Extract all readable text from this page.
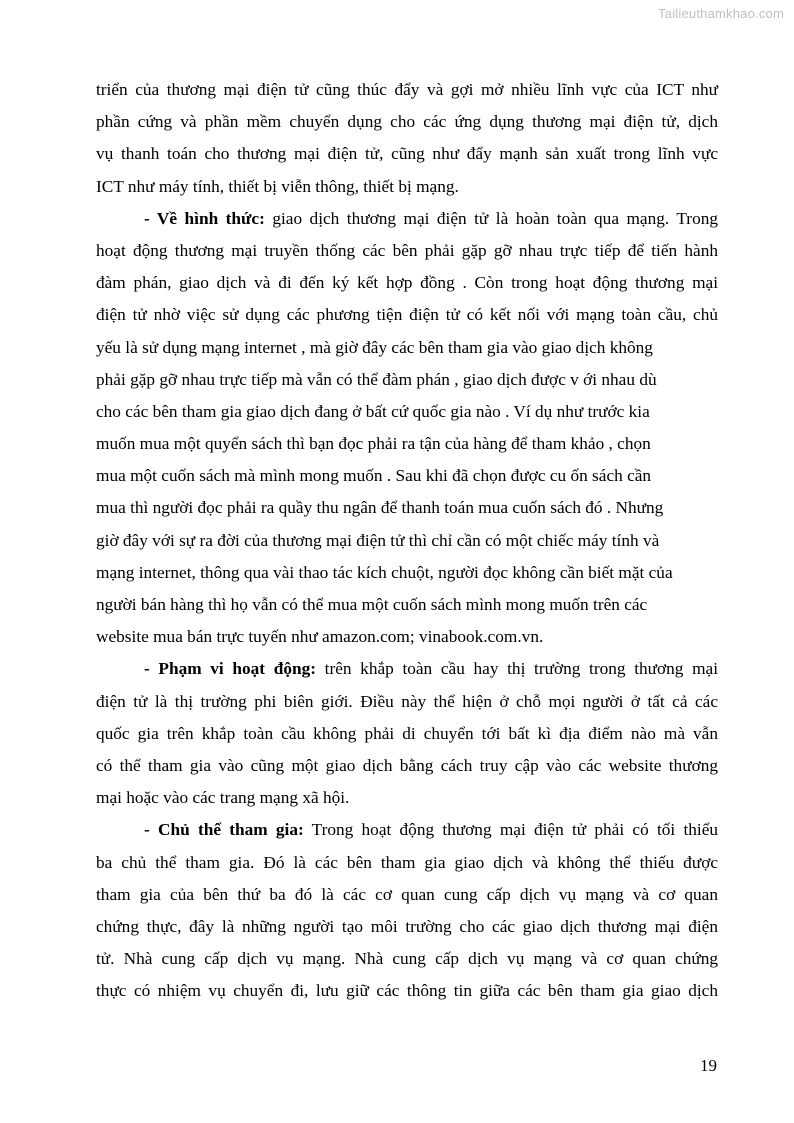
Tailieuthamkhao.com
triển của thương mại điện tử cũng thúc đẩy và gợi mở nhiều lĩnh vực của ICT như
phần cứng và phần mềm chuyển dụng cho các ứng dụng thương mại điện tử, dịch
vụ thanh toán cho thương mại điện tử, cũng như đẩy mạnh sản xuất trong lĩnh vực
ICT như máy tính, thiết bị viễn thông, thiết bị mạng.
- Về hình thức: giao dịch thương mại điện tử là hoàn toàn qua mạng. Trong
hoạt động thương mại truyền thống các bên phải gặp gỡ nhau trực tiếp để tiến hành
đàm phán, giao dịch và đi đến ký kết hợp đồng . Còn trong hoạt động thương mại
điện tử nhờ việc sử dụng các phương tiện điện tử có kết nối với mạng toàn cầu, chủ
yếu là sử dụng mạng internet , mà giờ đây các bên tham gia vào giao dịch không
phải gặp gỡ nhau trực tiếp mà vẫn có thể đàm phán , giao dịch được v ới nhau dù
cho các bên tham gia giao dịch đang ở bất cứ quốc gia nào . Ví dụ như trước kia
muốn mua một quyển sách thì bạn đọc phải ra tận của hàng để tham khảo , chọn
mua một cuốn sách mà mình mong muốn . Sau khi đã chọn được cu ốn sách cần
mua thì người đọc phải ra quầy thu ngân để thanh toán mua cuốn sách đó . Nhưng
giờ đây với sự ra đời của thương mại điện tử thì chỉ cần có một chiếc máy tính và
mạng internet, thông qua vài thao tác kích chuột, người đọc không cần biết mặt của
người bán hàng thì họ vẫn có thể mua một cuốn sách mình mong muốn trên các
website mua bán trực tuyến như amazon.com; vinabook.com.vn.
- Phạm vi hoạt động: trên khắp toàn cầu hay thị trường trong thương mại
điện tử là thị trường phi biên giới. Điều này thể hiện ở chỗ mọi người ở tất cả các
quốc gia trên khắp toàn cầu không phải di chuyển tới bất kì địa điểm nào mà vẫn
có thể tham gia vào cũng một giao dịch bằng cách truy cập vào các website thương
mại hoặc vào các trang mạng xã hội.
- Chủ thể tham gia: Trong hoạt động thương mại điện tử phải có tối thiểu
ba chủ thể tham gia. Đó là các bên tham gia giao dịch và không thể thiếu được
tham gia của bên thứ ba đó là các cơ quan cung cấp dịch vụ mạng và cơ quan
chứng thực, đây là những người tạo môi trường cho các giao dịch thương mại điện
tử. Nhà cung cấp dịch vụ mạng. Nhà cung cấp dịch vụ mạng và cơ quan chứng
thực có nhiệm vụ chuyển đi, lưu giữ các thông tin giữa các bên tham gia giao dịch
19
